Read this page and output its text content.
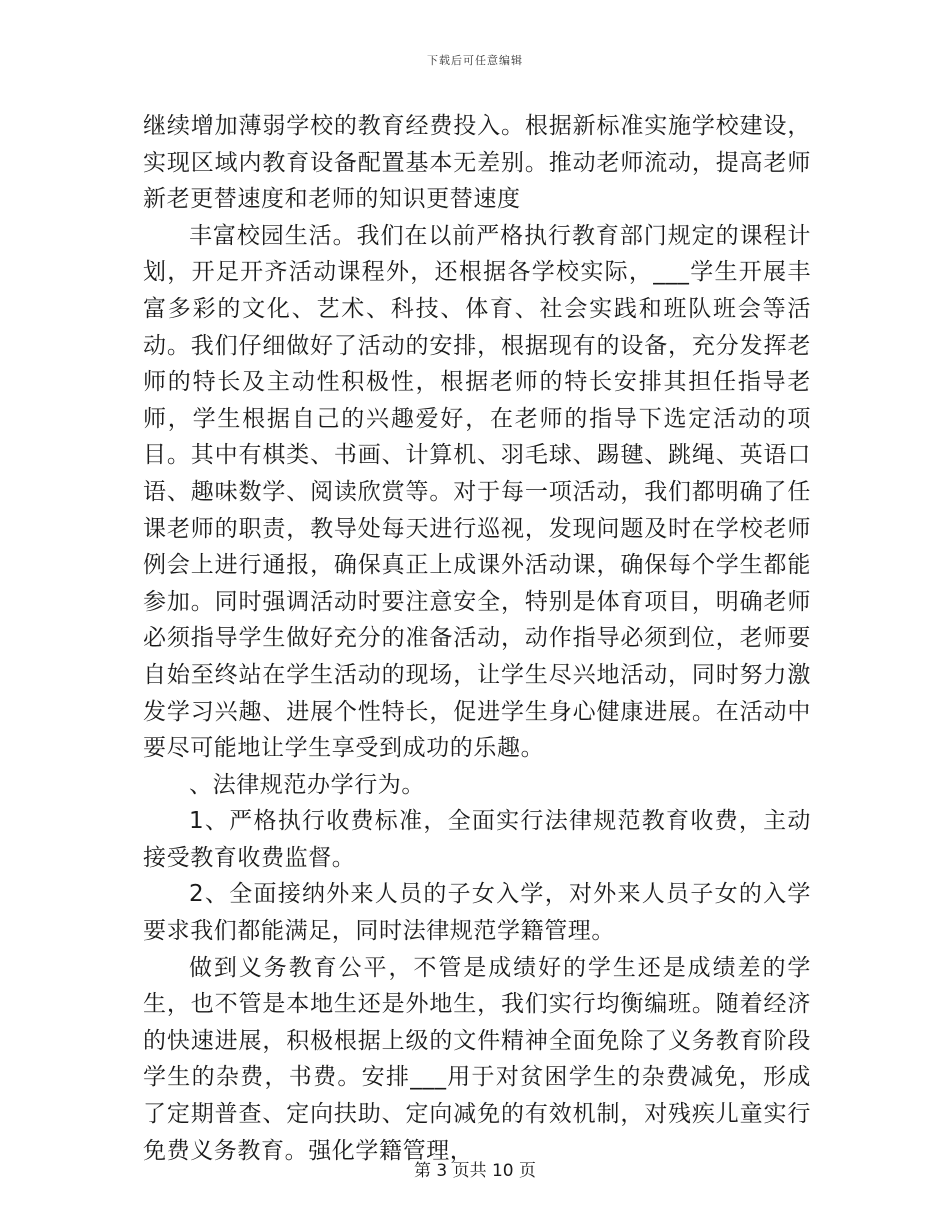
下载后可任意编辑

继续增加薄弱学校的教育经费投入。根据新标准实施学校建设，实现区域内教育设备配置基本无差别。推动老师流动，提高老师新老更替速度和老师的知识更替速度

丰富校园生活。我们在以前严格执行教育部门规定的课程计划，开足开齐活动课程外，还根据各学校实际，___学生开展丰富多彩的文化、艺术、科技、体育、社会实践和班队班会等活动。我们仔细做好了活动的安排，根据现有的设备，充分发挥老师的特长及主动性积极性，根据老师的特长安排其担任指导老师，学生根据自己的兴趣爱好，在老师的指导下选定活动的项目。其中有棋类、书画、计算机、羽毛球、踢毽、跳绳、英语口语、趣味数学、阅读欣赏等。对于每一项活动，我们都明确了任课老师的职责，教导处每天进行巡视，发现问题及时在学校老师例会上进行通报，确保真正上成课外活动课，确保每个学生都能参加。同时强调活动时要注意安全，特别是体育项目，明确老师必须指导学生做好充分的准备活动，动作指导必须到位，老师要自始至终站在学生活动的现场，让学生尽兴地活动，同时努力激发学习兴趣、进展个性特长，促进学生身心健康进展。在活动中要尽可能地让学生享受到成功的乐趣。

、法律规范办学行为。

1、严格执行收费标准，全面实行法律规范教育收费，主动接受教育收费监督。

2、全面接纳外来人员的子女入学，对外来人员子女的入学要求我们都能满足，同时法律规范学籍管理。

做到义务教育公平，不管是成绩好的学生还是成绩差的学生，也不管是本地生还是外地生，我们实行均衡编班。随着经济的快速进展，积极根据上级的文件精神全面免除了义务教育阶段学生的杂费，书费。安排___用于对贫困学生的杂费减免，形成了定期普查、定向扶助、定向减免的有效机制，对残疾儿童实行免费义务教育。强化学籍管理，

第 3 页共 10 页
